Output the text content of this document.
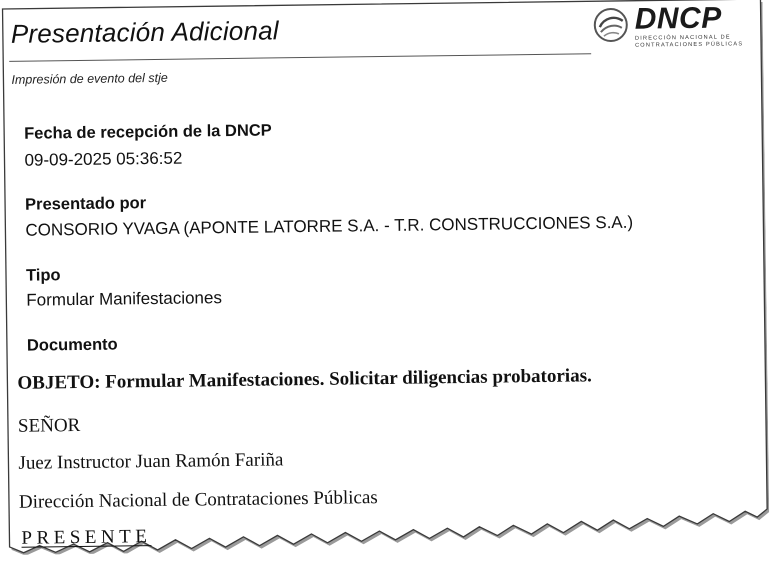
Presentación Adicional
Impresión de evento del stje
DNCP
DIRECCIÓN NACIONAL DE
CONTRATACIONES PÚBLICAS
Fecha de recepción de la DNCP
09-09-2025 05:36:52
Presentado por
CONSORIO YVAGA (APONTE LATORRE S.A. - T.R. CONSTRUCCIONES S.A.)
Tipo
Formular Manifestaciones
Documento
OBJETO: Formular Manifestaciones. Solicitar diligencias probatorias.
SEÑOR
Juez Instructor Juan Ramón Fariña
Dirección Nacional de Contrataciones Públicas
PRESENTE
